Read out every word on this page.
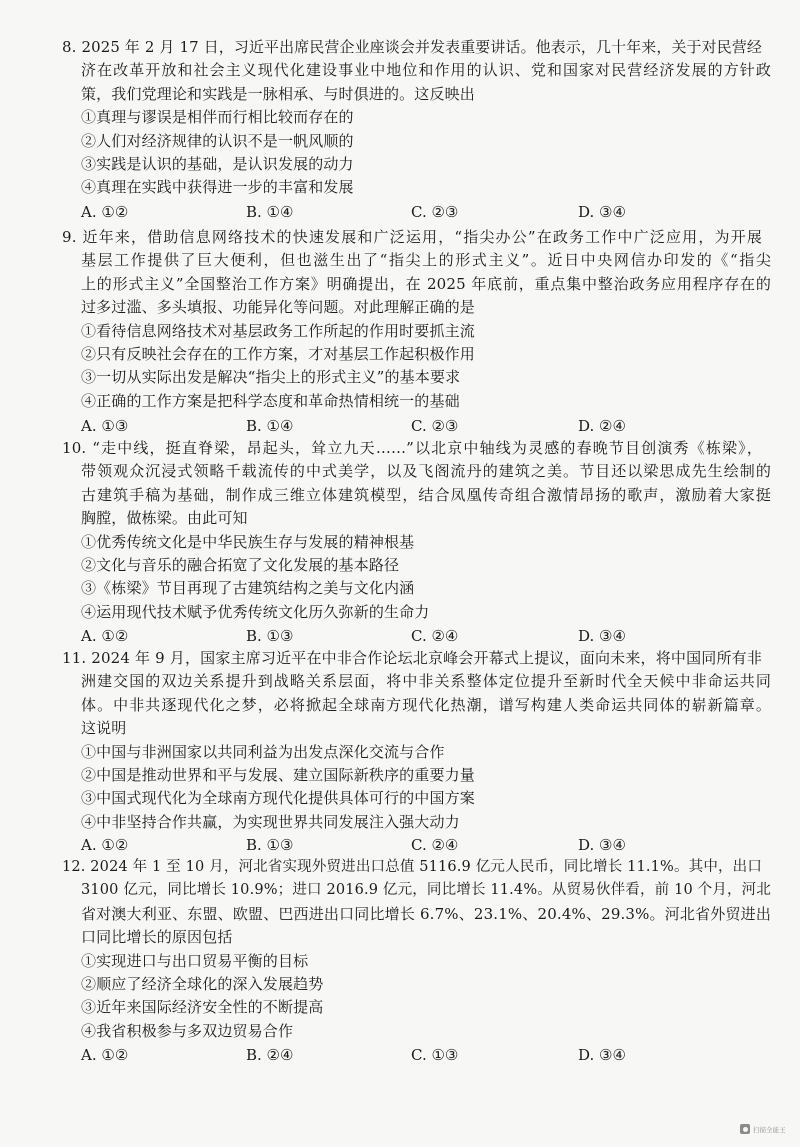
8. 2025 年 2 月 17 日，习近平出席民营企业座谈会并发表重要讲话。他表示，几十年来，关于对民营经
济在改革开放和社会主义现代化建设事业中地位和作用的认识、党和国家对民营经济发展的方针政
策，我们党理论和实践是一脉相承、与时俱进的。这反映出
①真理与谬误是相伴而行相比较而存在的
②人们对经济规律的认识不是一帆风顺的
③实践是认识的基础，是认识发展的动力
④真理在实践中获得进一步的丰富和发展
A. ①②	B. ①④	C. ②③	D. ③④
9. 近年来，借助信息网络技术的快速发展和广泛运用，“指尖办公”在政务工作中广泛应用，为开展
基层工作提供了巨大便利，但也滋生出了“指尖上的形式主义”。近日中央网信办印发的《“指尖
上的形式主义”全国整治工作方案》明确提出，在 2025 年底前，重点集中整治政务应用程序存在的
过多过滥、多头填报、功能异化等问题。对此理解正确的是
①看待信息网络技术对基层政务工作所起的作用时要抓主流
②只有反映社会存在的工作方案，才对基层工作起积极作用
③一切从实际出发是解决“指尖上的形式主义”的基本要求
④正确的工作方案是把科学态度和革命热情相统一的基础
A. ①③	B. ①④	C. ②③	D. ②④
10. “走中线，挺直脊梁，昂起头，耸立九天……”以北京中轴线为灵感的春晚节目创演秀《栋梁》，
带领观众沉浸式领略千载流传的中式美学，以及飞阁流丹的建筑之美。节目还以梁思成先生绘制的
古建筑手稿为基础，制作成三维立体建筑模型，结合凤凰传奇组合激情昂扬的歌声，激励着大家挺
胸膛，做栋梁。由此可知
①优秀传统文化是中华民族生存与发展的精神根基
②文化与音乐的融合拓宽了文化发展的基本路径
③《栋梁》节目再现了古建筑结构之美与文化内涵
④运用现代技术赋予优秀传统文化历久弥新的生命力
A. ①②	B. ①③	C. ②④	D. ③④
11. 2024 年 9 月，国家主席习近平在中非合作论坛北京峰会开幕式上提议，面向未来，将中国同所有非
洲建交国的双边关系提升到战略关系层面，将中非关系整体定位提升至新时代全天候中非命运共同
体。中非共逐现代化之梦，必将掀起全球南方现代化热潮，谱写构建人类命运共同体的崭新篇章。
这说明
①中国与非洲国家以共同利益为出发点深化交流与合作
②中国是推动世界和平与发展、建立国际新秩序的重要力量
③中国式现代化为全球南方现代化提供具体可行的中国方案
④中非坚持合作共赢，为实现世界共同发展注入强大动力
A. ①②	B. ①③	C. ②④	D. ③④
12. 2024 年 1 至 10 月，河北省实现外贸进出口总值 5116.9 亿元人民币，同比增长 11.1%。其中，出口
3100 亿元，同比增长 10.9%；进口 2016.9 亿元，同比增长 11.4%。从贸易伙伴看，前 10 个月，河北
省对澳大利亚、东盟、欧盟、巴西进出口同比增长 6.7%、23.1%、20.4%、29.3%。河北省外贸进出
口同比增长的原因包括
①实现进口与出口贸易平衡的目标
②顺应了经济全球化的深入发展趋势
③近年来国际经济安全性的不断提高
④我省积极参与多双边贸易合作
A. ①②	B. ②④	C. ①③	D. ③④
扫描全能王
